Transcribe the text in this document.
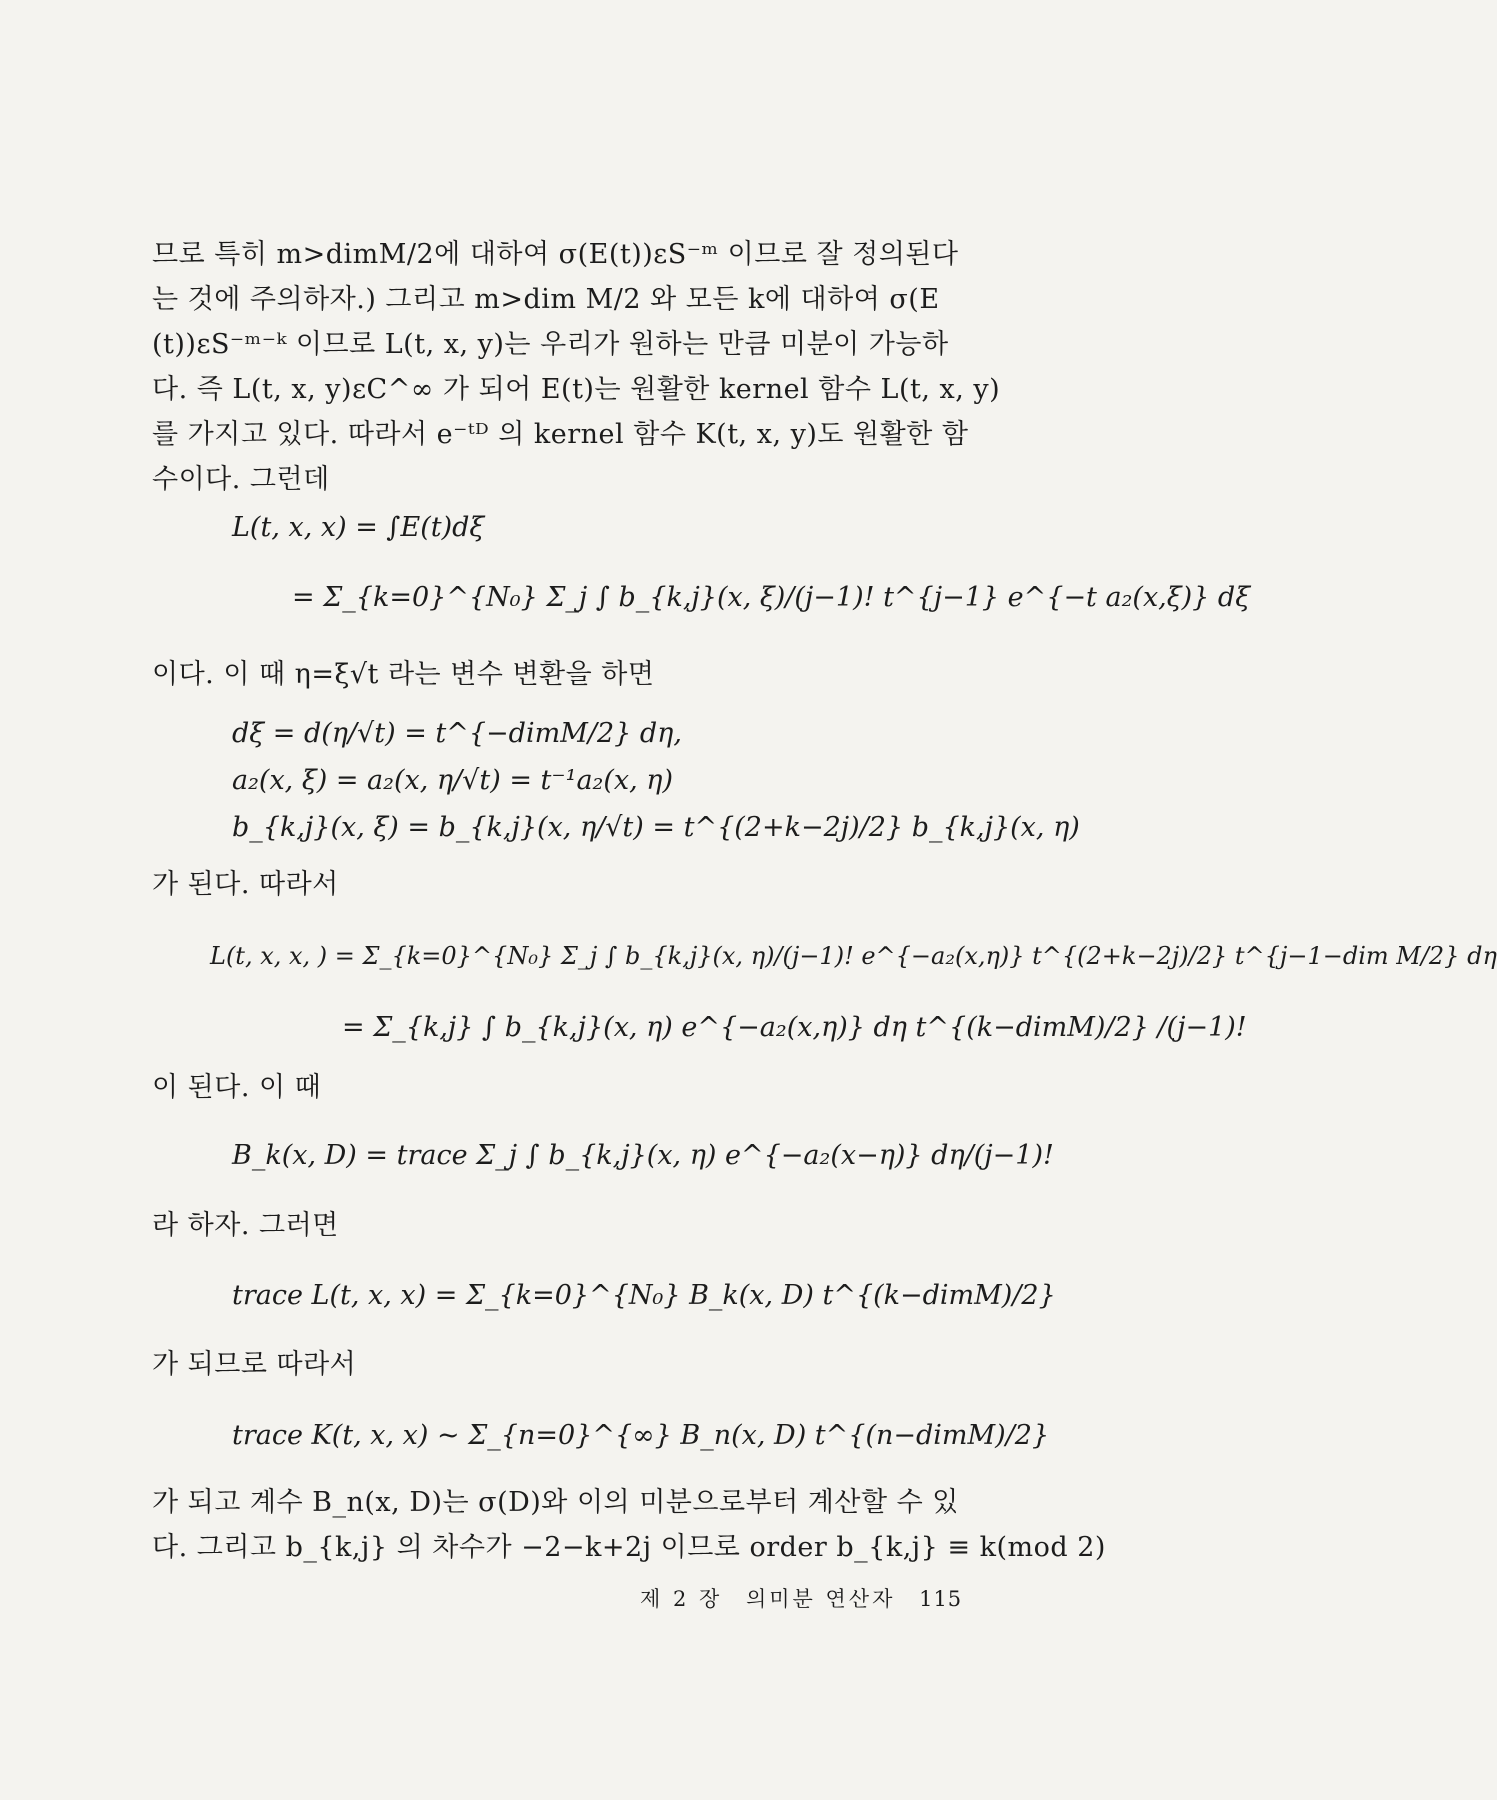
므로 특히 m>dimM/2에 대하여 σ(E(t))εS⁻ᵐ 이므로 잘 정의된다
는 것에 주의하자.) 그리고 m>dim M/2 와 모든 k에 대하여 σ(E
(t))εS⁻ᵐ⁻ᵏ 이므로 L(t, x, y)는 우리가 원하는 만큼 미분이 가능하
다. 즉 L(t, x, y)εC^∞ 가 되어 E(t)는 원활한 kernel 함수 L(t, x, y)
를 가지고 있다. 따라서 e⁻ᵗᴰ 의 kernel 함수 K(t, x, y)도 원활한 함
수이다. 그런데
L(t, x, x) = ∫E(t)dξ
= Σ_{k=0}^{N₀} Σ_j ∫ b_{k,j}(x, ξ)/(j−1)! t^{j−1} e^{−t a₂(x,ξ)} dξ
이다. 이 때 η=ξ√t 라는 변수 변환을 하면
dξ = d(η/√t) = t^{−dimM/2} dη,
a₂(x, ξ) = a₂(x, η/√t) = t⁻¹a₂(x, η)
b_{k,j}(x, ξ) = b_{k,j}(x, η/√t) = t^{(2+k−2j)/2} b_{k,j}(x, η)
가 된다. 따라서
L(t, x, x, ) = Σ_{k=0}^{N₀} Σ_j ∫ b_{k,j}(x, η)/(j−1)! e^{−a₂(x,η)} t^{(2+k−2j)/2} t^{j−1−dim M/2} dη
= Σ_{k,j} ∫ b_{k,j}(x, η) e^{−a₂(x,η)} dη t^{(k−dimM)/2} /(j−1)!
이 된다. 이 때
B_k(x, D) = trace Σ_j ∫ b_{k,j}(x, η) e^{−a₂(x−η)} dη/(j−1)!
라 하자. 그러면
trace L(t, x, x) = Σ_{k=0}^{N₀} B_k(x, D) t^{(k−dimM)/2}
가 되므로 따라서
trace K(t, x, x) ~ Σ_{n=0}^{∞} B_n(x, D) t^{(n−dimM)/2}
가 되고 계수 B_n(x, D)는 σ(D)와 이의 미분으로부터 계산할 수 있
다. 그리고 b_{k,j} 의 차수가 −2−k+2j 이므로 order b_{k,j} ≡ k(mod 2)
제 2 장 의미분 연산자 115
